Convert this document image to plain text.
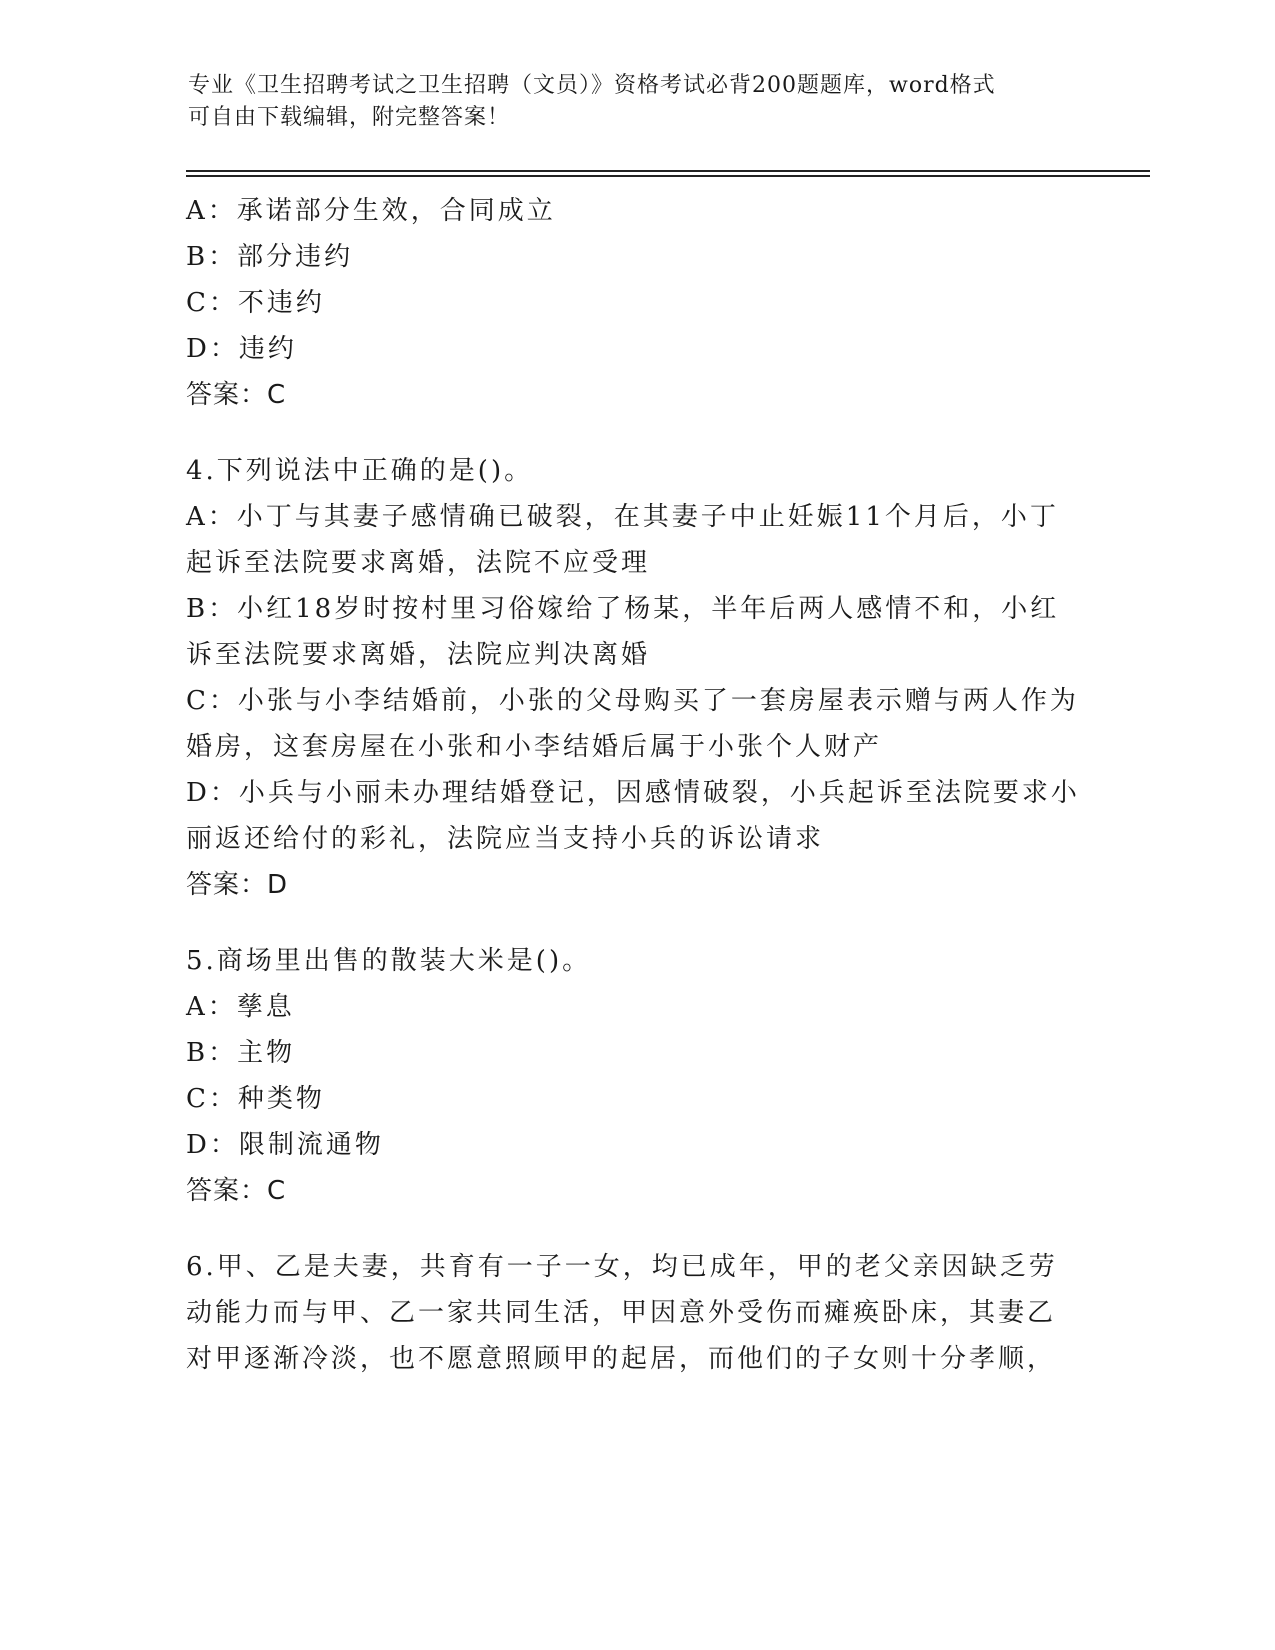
专业《卫生招聘考试之卫生招聘（文员）》资格考试必背200题题库，word格式
可自由下载编辑，附完整答案！
A：承诺部分生效，合同成立
B：部分违约
C：不违约
D：违约
答案：C
4.下列说法中正确的是()。
A：小丁与其妻子感情确已破裂，在其妻子中止妊娠11个月后，小丁
起诉至法院要求离婚，法院不应受理
B：小红18岁时按村里习俗嫁给了杨某，半年后两人感情不和，小红
诉至法院要求离婚，法院应判决离婚
C：小张与小李结婚前，小张的父母购买了一套房屋表示赠与两人作为
婚房，这套房屋在小张和小李结婚后属于小张个人财产
D：小兵与小丽未办理结婚登记，因感情破裂，小兵起诉至法院要求小
丽返还给付的彩礼，法院应当支持小兵的诉讼请求
答案：D
5.商场里出售的散装大米是()。
A：孳息
B：主物
C：种类物
D：限制流通物
答案：C
6.甲、乙是夫妻，共育有一子一女，均已成年，甲的老父亲因缺乏劳
动能力而与甲、乙一家共同生活，甲因意外受伤而瘫痪卧床，其妻乙
对甲逐渐冷淡，也不愿意照顾甲的起居，而他们的子女则十分孝顺，
